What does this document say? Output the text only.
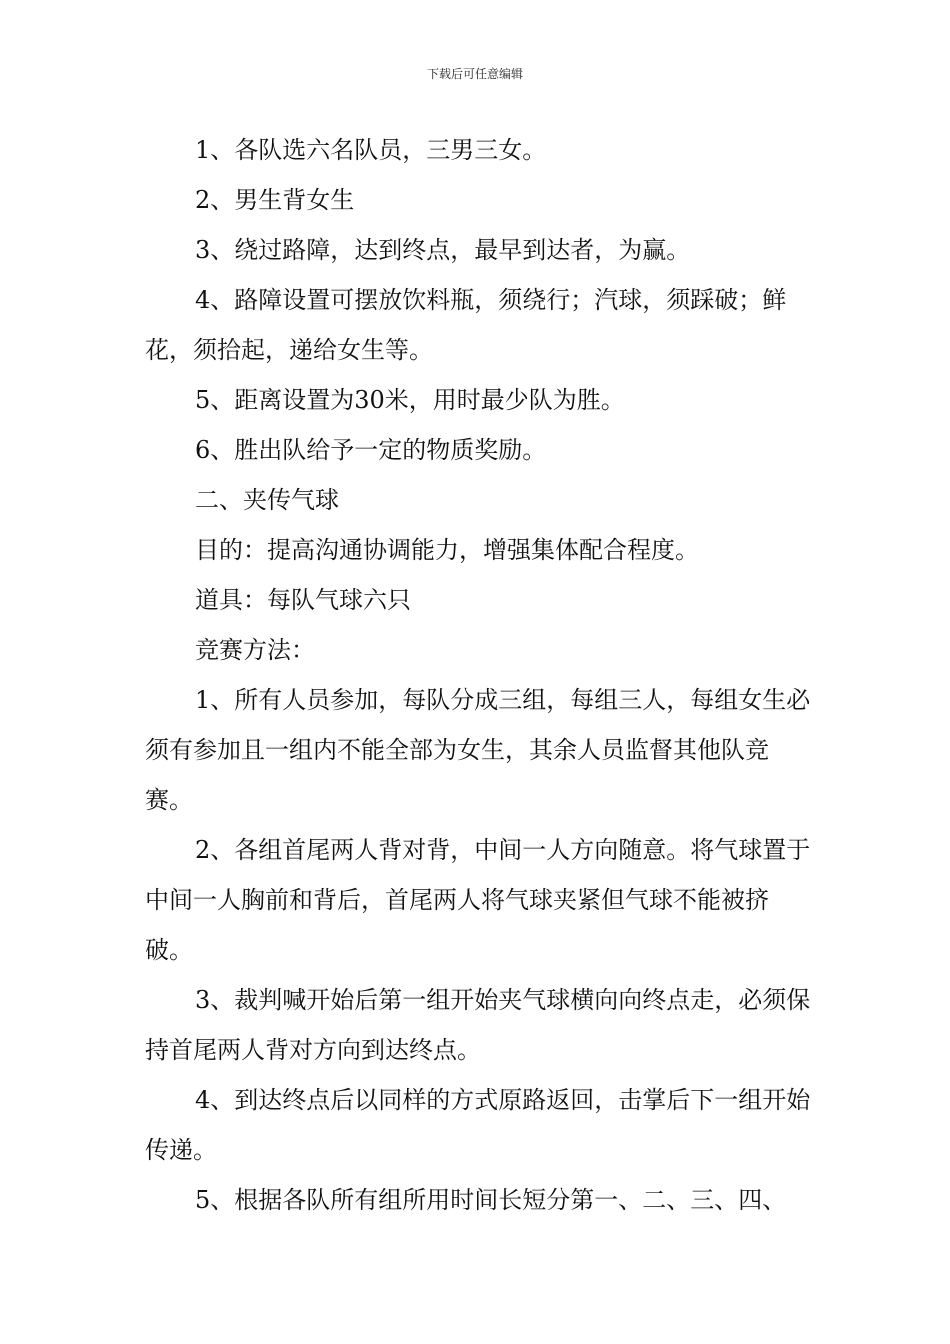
下载后可任意编辑

1、各队选六名队员，三男三女。

2、男生背女生

3、绕过路障，达到终点，最早到达者，为赢。

4、路障设置可摆放饮料瓶，须绕行；汽球，须踩破；鲜花，须拾起，递给女生等。

5、距离设置为30米，用时最少队为胜。

6、胜出队给予一定的物质奖励。

二、夹传气球

目的：提高沟通协调能力，增强集体配合程度。

道具：每队气球六只

竞赛方法：

1、所有人员参加，每队分成三组，每组三人，每组女生必须有参加且一组内不能全部为女生，其余人员监督其他队竞赛。

2、各组首尾两人背对背，中间一人方向随意。将气球置于中间一人胸前和背后，首尾两人将气球夹紧但气球不能被挤破。

3、裁判喊开始后第一组开始夹气球横向向终点走，必须保持首尾两人背对方向到达终点。

4、到达终点后以同样的方式原路返回，击掌后下一组开始传递。

5、根据各队所有组所用时间长短分第一、二、三、四、
